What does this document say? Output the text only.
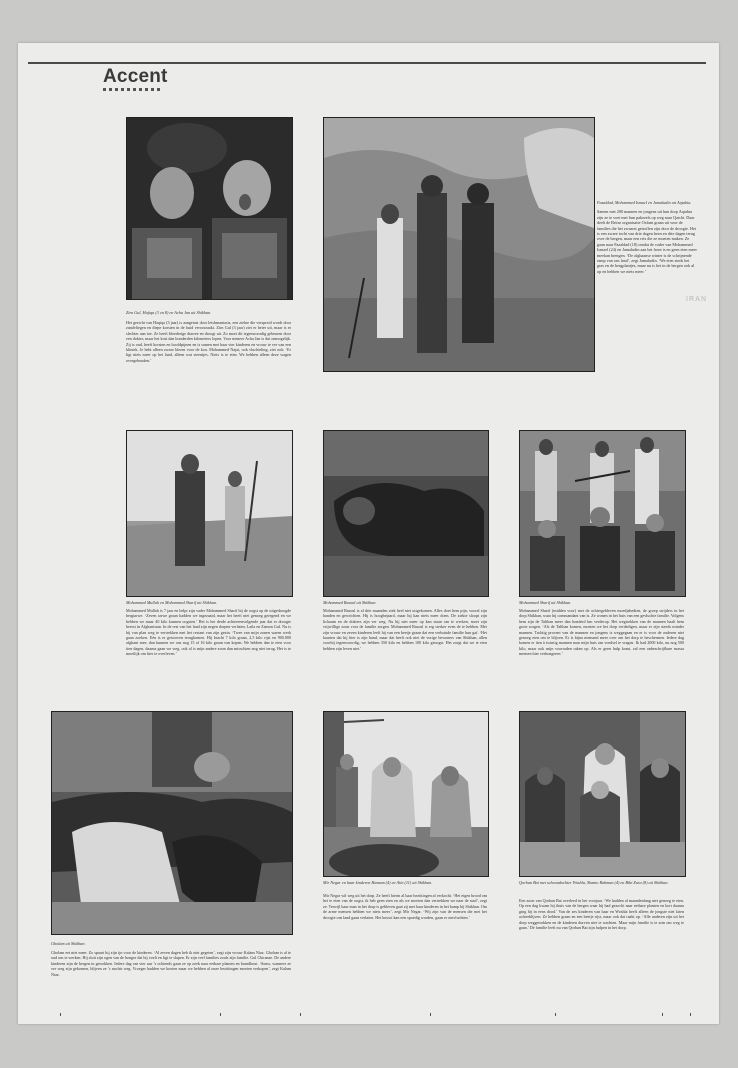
Accent
Zirn Gul, Hajiqa (3 en 8) en Acha Jan uit Shikhan.
Het gezicht van Haqiqa (3 jaar) is aangetast door leishmaniasis, een ziekte die verspreid wordt door zandvliegen en diepe korsten in de huid veroorzaakt. Zirn Gul (3 jaar) ziet er beter uit, maar is er slechter aan toe. Ze heeft bloederige diarree en droogt uit. Zo moet dit tegenwoordig gebeuren door een dokter, maar het kost dan honderden kilometers lopen. Voor meneer Acha Jan is dat onmogelijk. Zij is oud, heeft korsten en hoofdpijnen en is samen met haar vier kinderen en vrouw te ver van een kliniek. Je hebt alleen zware kleren voor de kou. Mohammed Najat, ook vluchteling, ziet ook: ‘Er ligt niets meer op het land, alleen wat steentjes. Niets is te eten. We hebben alleen deze wagen overgehouden.’
Fazaldad, Mohammed Ismael en Jamaludin uit Aqtabia.
Samen met 200 mannen en jongens uit hun dorp Aqtabia zijn ze te voet met hun pakezels op weg naar Qatchi. Daar deelt de Britse organisatie Oxfam graan uit voor de families die het zwaarst getroffen zijn door de droogte. Het is een zware tocht van drie dagen heen en drie dagen terug over de bergen, maar een reis die ze moeten maken. Ze gaan naar Fazaldad (18) omdat de vader van Mohammed Ismael (24) en Jamaludin aan het front is en geen eten meer meekan brengen. ‘De afghaanse winter is de schrijnende ramp van ons land’, zegt Jamaludin. ‘We eten sinds het gras en de bergplantjes, maar nu is het in de bergen ook al op en hebben we niets meer.’
IRAN
Mohammed Mullah en Mohammed Sharif uit Shikhan.
Mohammed Mullah is 7 jaar en helpt zijn vader Mohammed Sharif bij de oogst op de uitgedroogde bergtarwe. ‘Zeven tarwe graan hadden we ingezaaid, maar het heeft niet genoeg geregend en we hebben we maar 40 kilo kunnen oogsten.’ Het is het derde achtereenvolgende jaar dat er droogte heerst in Afghanistan. In de rest van het land zijn negen dorpen verlaten; Laila en Zamon Gul. Nu is hij van plan weg te vertrekken met het restant van zijn gezin. ‘Twee van mijn zonen waren werk gaan zoeken. Eén is er gestorven terugkomen. Hij bracht 7 kilo graan, 2,5 kilo rijst en 900.000 afghani mee, dan kunnen we ons nog 15 of 16 kilo graan van kopen. We hebben dan te eten voor tien dagen, daarna gaan we weg, ook al is mijn andere zoon dan misschien nog niet terug. Het is te moeilijk om hier te overleven.’
Mohammed Rasoul uit Shikhan.
Mohammed Rasoul is al drie maanden ziek heel niet uitgekomen. Alles doet hem pijn, vooral zijn handen en gewrichten. Hij is hoogbejaard, maar hij kan niets meer doen. De ziekte sloopt zijn lichaam en de dokters zijn ver weg. Nu hij niet meer op kan staan om te werken, moet zijn vrijwillige zoon voor de familie zorgen. Mohammed Rasoul is erg sterker even de te hebben. Met zijn vrouw en zeven kinderen leeft hij van een beetje graan dat een verhuisde familie hun gaf. ‘Het kaarten dat hij hier is zijn hand, maar dat heeft ook niet de vorige bewoners van Shikhan, allen voorbij tegenwoordig, we hebben 350 kilo en hebben 100 kilo geoogst. Het zorgt dat we te eten hebben zijn leven niet.’
Mohammed Sharif uit Shikhan.
Mohammed Sharif (midden voor) met de achtergebleven moedjahedien, de groep strijders in het dorp Shikhan, waar hij commandant van is. Ze wonen in het huis van een gevluchte familie. Volgens hem zijn de Taliban meer dan honderd km verderop. Het wegtrekken van de mannen haalt hem grote zorgen. ‘Als de Taliban komen, moeten we het dorp verdedigen, maar er zijn steeds minder mannen. Tachtig procent van de mannen en jongens is weggegaan en er is voor de ouderen niet genoeg eten om te blijven. Er is bijna niemand meer over om het dorp te beschermen. Iedere dag komen er tien à twintig mannen naar mijn huis om voedsel te vragen. Ik had 2000 kilo, nu nog 500 kilo, maar ook mijn voorraden raken op. Als er geen hulp komt, zal een onbeschrijfbare massa mensen hier verhongeren.’
Gholam uit Shikhan.
Gholam eet niet meer. Zo spaart hij zijn ijn voor de kinderen. ‘Al zeven dagen heb ik niet gegeten’, zegt zijn vrouw Kalam Niaz. Gholam is al te oud om te werken. Hij sluit zijn ogen van de honger dat hij voelt en ligt te slapen. Er zijn veel families zoals zijn familie. Gul Chiranze. De andere kinderen zijn de bergen in getrokken. Iedere dag om vier uur ’s ochtends gaan ze op zoek naar eetbare planten en brandhout. ‘Soms, wanneer ze ver weg zijn gekomen, blijven ze ’s nachts weg. Vroeger hadden we koeien maar we hebben al onze bezittingen moeten verkopen’, zegt Kalam Niaz.
Mir Negar en haar kinderen Hamam (4) en Aiin (11) uit Shikhan.
Mir Negar wil weg uit het dorp. Ze heeft hierin al haar bezittingen al verkocht. ‘Het eigen brood om het te eten van de oogst, ik heb geen eten en als we moeten dan vertrekken we naar de stad’, zegt ze. Terwijl haar man in het dorp is gebleven gaat zij met haar kinderen in het kamp bij Shikhan. Om de arme mensen hebben we niets meer’, zegt Mir Negar. ‘Wij zijn van de mensen die met het droogte ons land gaan verlaten. Het bouwt kan een spoedig worden, gaan er ontvluchten.’
Qorban Bai met schoondochter Woshla, Shamo Rahman (4) en Bibi Zara (8) uit Shikhan.
Een zoon van Qorban Bai overleed in het voorjaar. ‘We hadden al maandenlang niet genoeg te eten. Op een dag kwam hij thuis van de bergen waar hij had gezocht naar eetbare planten en kort daarna ging hij in eens dood.’ Van de zes kinderen van haar en Woshla heeft alleen de jongste niet laten achterblijven. Ze hebben graan en een beetje rijst, maar ook dat raakt op. ‘Alle anderen zijn uit het dorp weggetrokken en de kinderen durven niet te wachten. Maar mijn familie is te arm om weg te gaan.’ De familie leeft nu van Qorban Bai zijn hulpen in het dorp.
